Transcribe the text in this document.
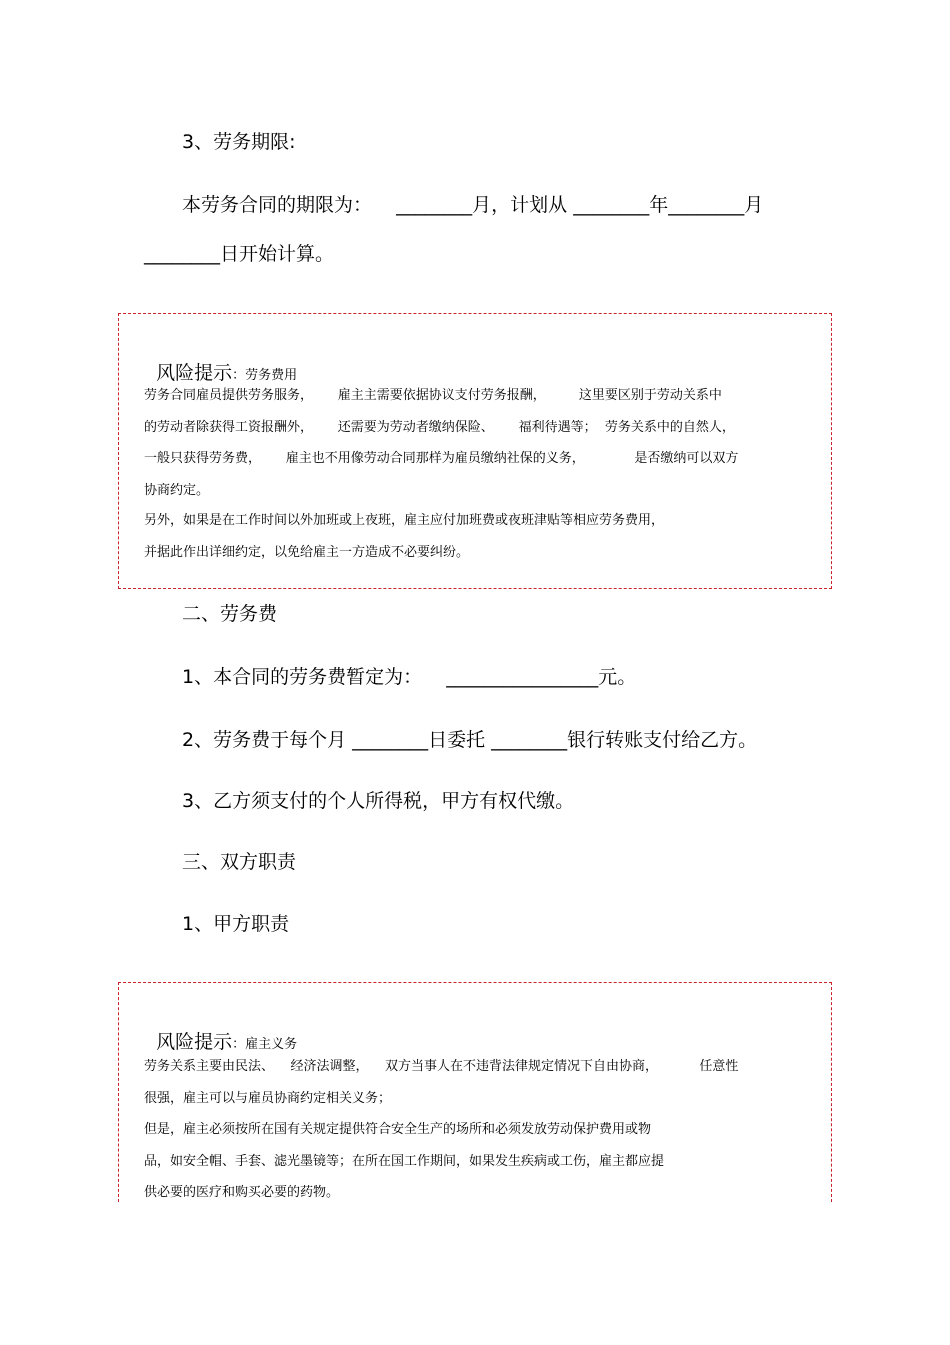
3、劳务期限:
本劳务合同的期限为：    ________月，计划从 ________年________月
________日开始计算。

风险提示：劳务费用

劳务合同雇员提供劳务服务，      雇主主需要依据协议支付劳务报酬，        这里要区别于劳动关系中
的劳动者除获得工资报酬外，      还需要为劳动者缴纳保险、      福利待遇等；  劳务关系中的自然人，
一般只获得劳务费，      雇主也不用像劳动合同那样为雇员缴纳社保的义务，            是否缴纳可以双方
协商约定。
另外，如果是在工作时间以外加班或上夜班，雇主应付加班费或夜班津贴等相应劳务费用，
并据此作出详细约定，以免给雇主一方造成不必要纠纷。
二、劳务费
1、本合同的劳务费暂定为：    ________________元。
2、劳务费于每个月 ________日委托 ________银行转账支付给乙方。
3、乙方须支付的个人所得税，甲方有权代缴。
三、双方职责
1、甲方职责

风险提示：雇主义务

劳务关系主要由民法、    经济法调整，    双方当事人在不违背法律规定情况下自由协商，          任意性
很强，雇主可以与雇员协商约定相关义务；
但是，雇主必须按所在国有关规定提供符合安全生产的场所和必须发放劳动保护费用或物
品，如安全帽、手套、滤光墨镜等；在所在国工作期间，如果发生疾病或工伤，雇主都应提
供必要的医疗和购买必要的药物。
